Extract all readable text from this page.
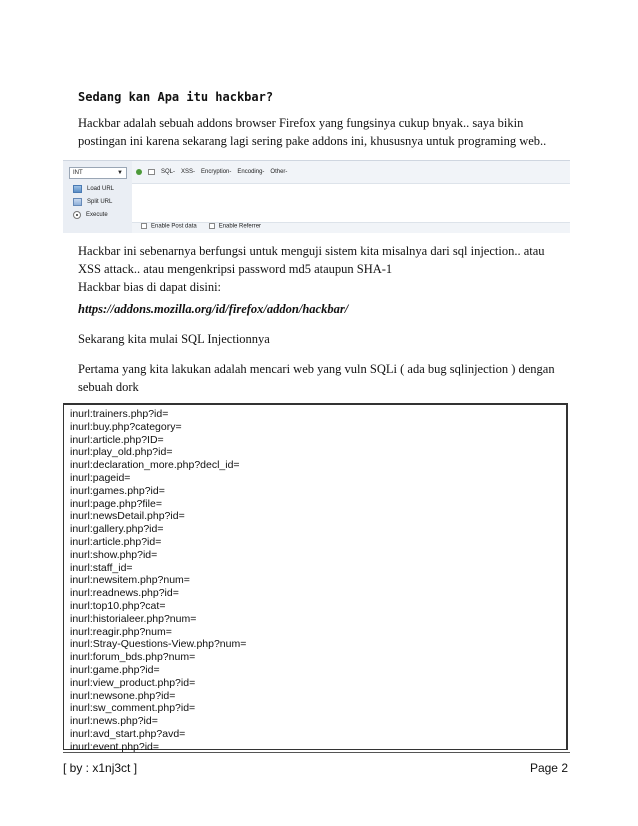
Sedang kan Apa itu hackbar?
Hackbar adalah sebuah addons browser Firefox yang fungsinya cukup bnyak.. saya bikin
postingan ini karena sekarang lagi sering pake addons ini, khususnya untuk programing web..
INT	▼
Load URL
Split URL
Execute
SQL- XSS- Encryption- Encoding- Other-
Enable Post data	Enable Referrer
Hackbar ini sebenarnya berfungsi untuk menguji sistem kita misalnya dari sql injection.. atau
XSS attack.. atau mengenkripsi password md5 ataupun SHA-1
Hackbar bias di dapat disini:
https://addons.mozilla.org/id/firefox/addon/hackbar/
Sekarang kita mulai SQL Injectionnya
Pertama yang kita lakukan adalah mencari web yang vuln SQLi ( ada bug sqlinjection ) dengan
sebuah dork
inurl:trainers.php?id=
inurl:buy.php?category=
inurl:article.php?ID=
inurl:play_old.php?id=
inurl:declaration_more.php?decl_id=
inurl:pageid=
inurl:games.php?id=
inurl:page.php?file=
inurl:newsDetail.php?id=
inurl:gallery.php?id=
inurl:article.php?id=
inurl:show.php?id=
inurl:staff_id=
inurl:newsitem.php?num=
inurl:readnews.php?id=
inurl:top10.php?cat=
inurl:historialeer.php?num=
inurl:reagir.php?num=
inurl:Stray-Questions-View.php?num=
inurl:forum_bds.php?num=
inurl:game.php?id=
inurl:view_product.php?id=
inurl:newsone.php?id=
inurl:sw_comment.php?id=
inurl:news.php?id=
inurl:avd_start.php?avd=
inurl:event.php?id=
[ by : x1nj3ct ]	Page 2
